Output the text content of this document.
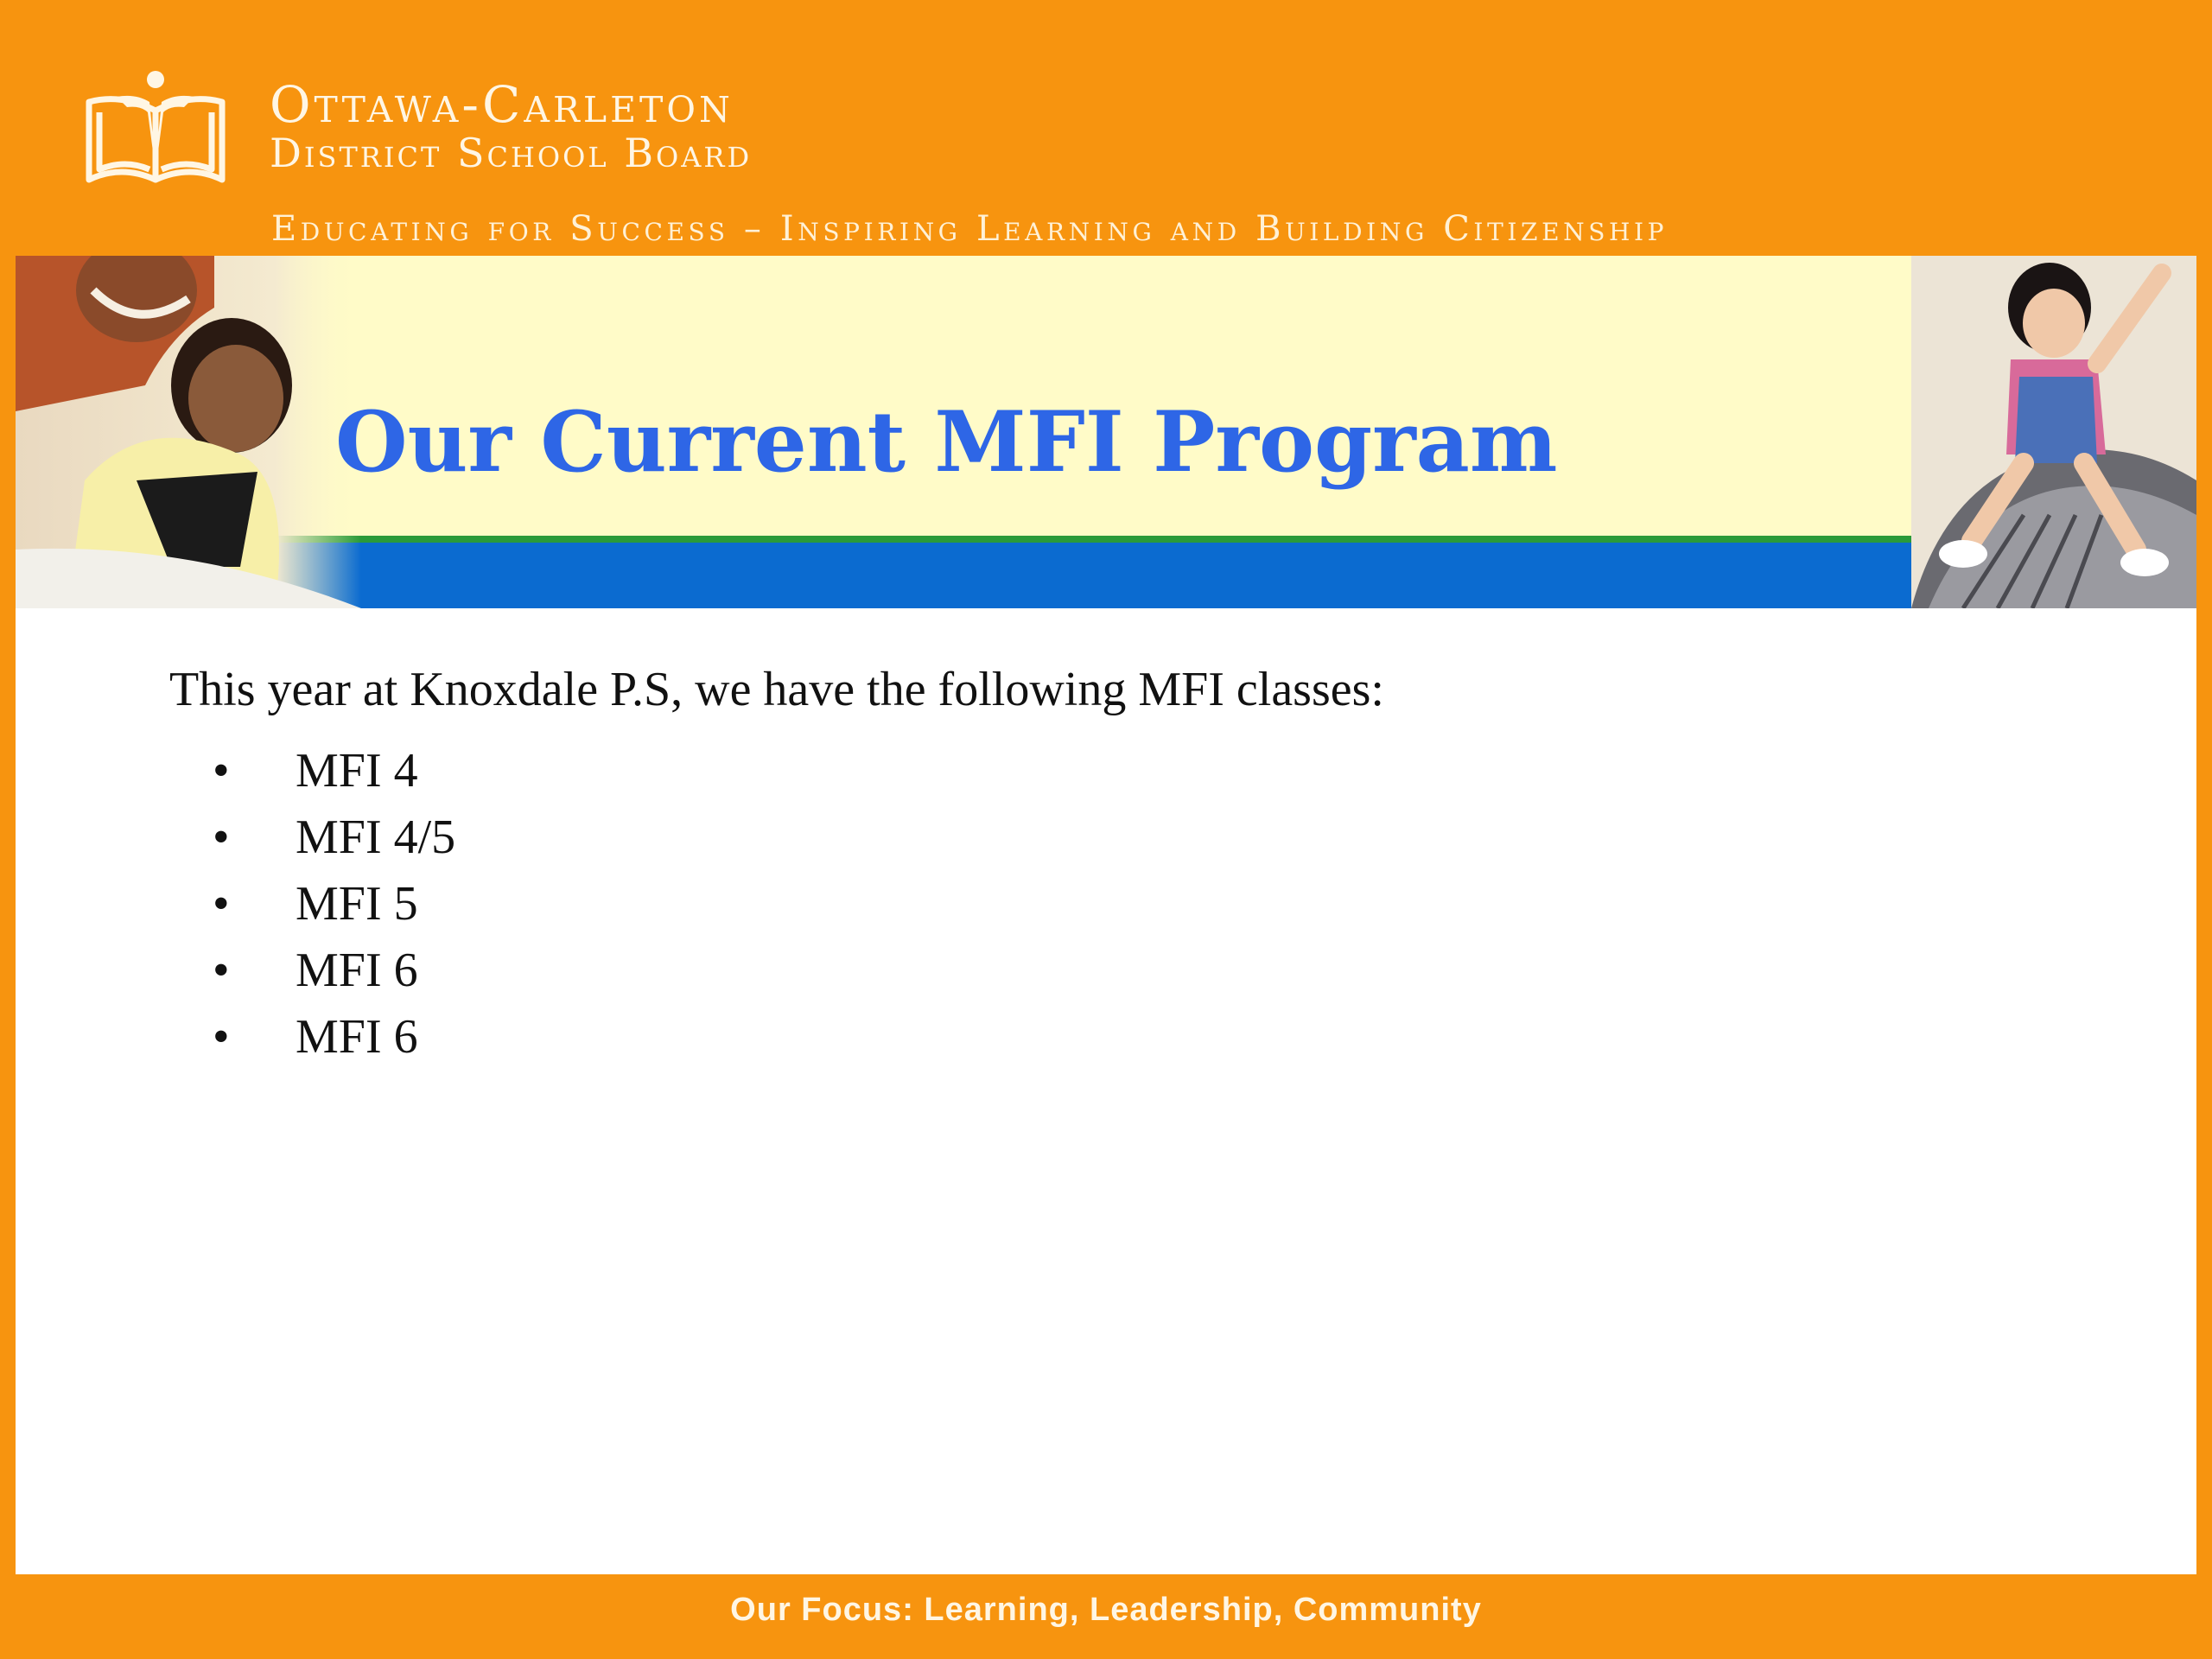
Ottawa-Carleton
District School Board
Educating for Success – Inspiring Learning and Building Citizenship
Our Current MFI Program

This year at Knoxdale P.S, we have the following MFI classes:

• MFI 4
• MFI 4/5
• MFI 5
• MFI 6
• MFI 6
Our Focus: Learning, Leadership, Community
